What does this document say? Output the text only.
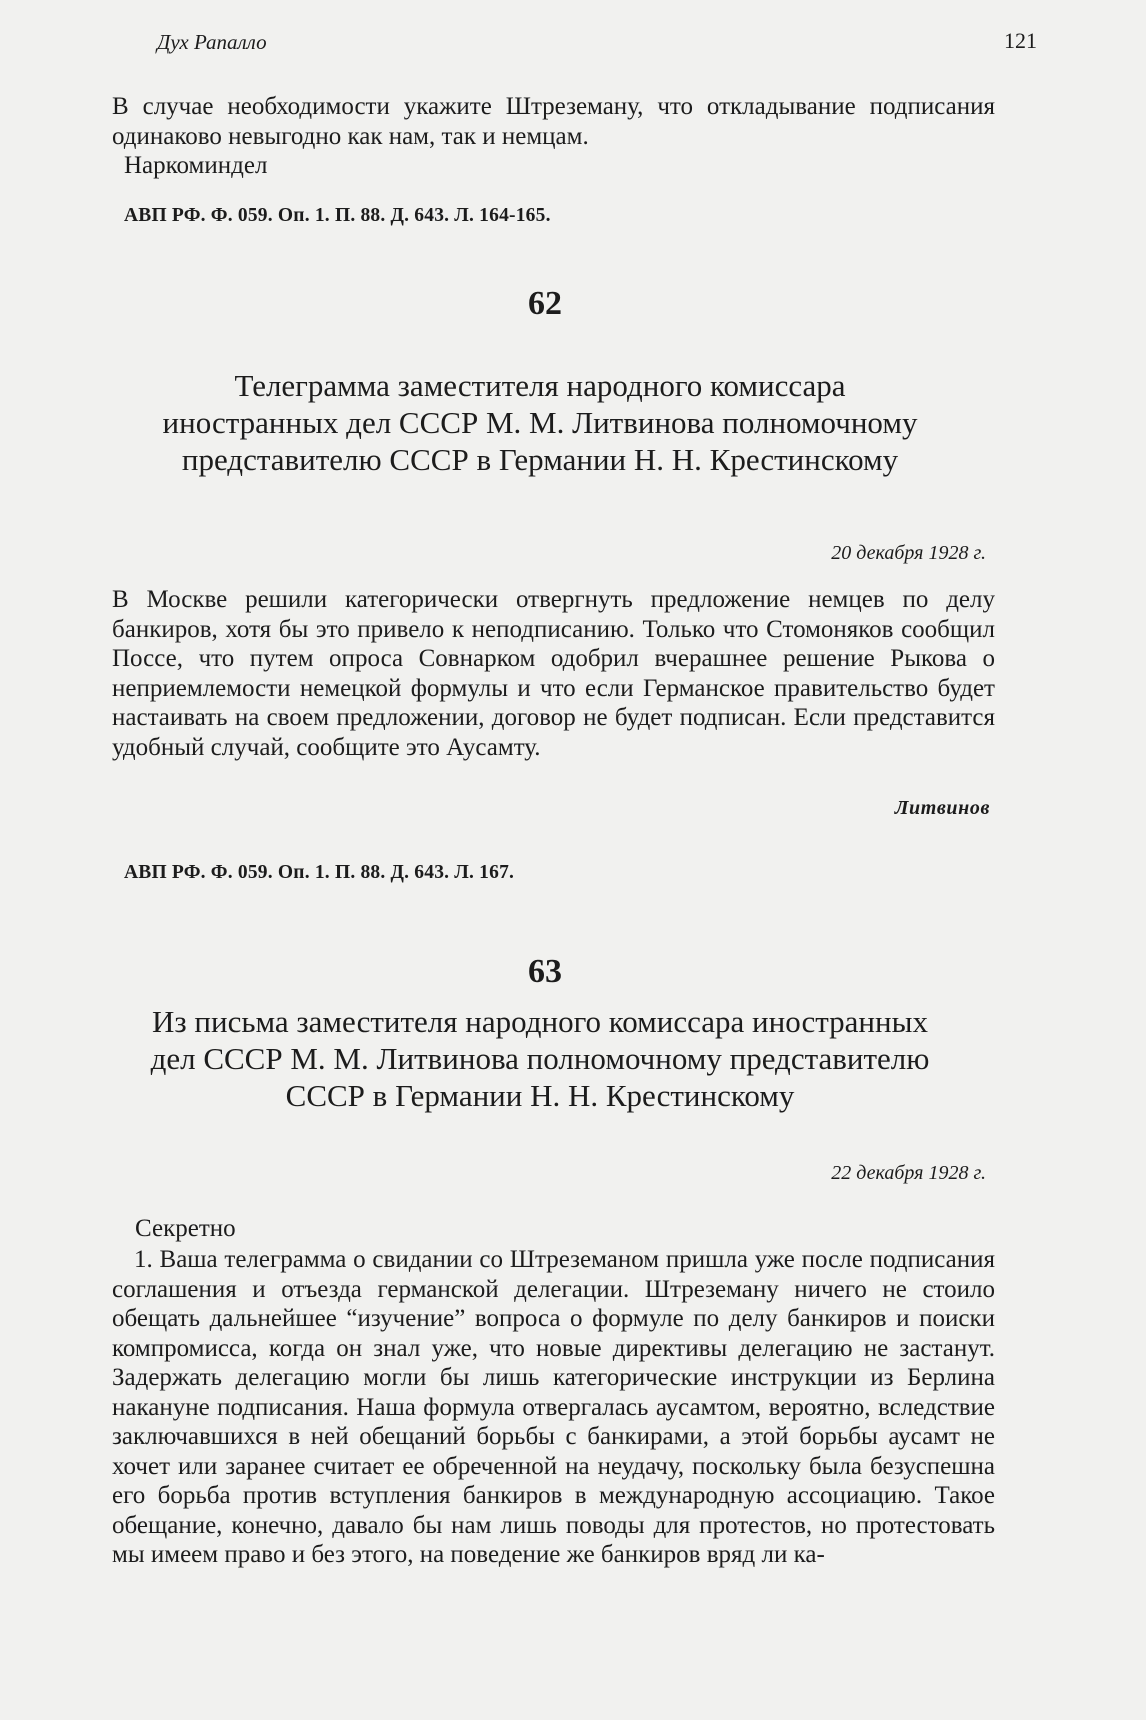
Дух Рапалло	121

В случае необходимости укажите Штреземану, что откладывание подписания одинаково невыгодно как нам, так и немцам.

Наркоминдел
АВП РФ. Ф. 059. Оп. 1. П. 88. Д. 643. Л. 164-165.
62
Телеграмма заместителя народного комиссара иностранных дел СССР М. М. Литвинова полномочному представителю СССР в Германии Н. Н. Крестинскому
20 декабря 1928 г.

В Москве решили категорически отвергнуть предложение немцев по делу банкиров, хотя бы это привело к неподписанию. Только что Стомоняков сообщил Поссе, что путем опроса Совнарком одобрил вчерашнее решение Рыкова о неприемлемости немецкой формулы и что если Германское правительство будет настаивать на своем предложении, договор не будет подписан. Если представится удобный случай, сообщите это Аусамту.

Литвинов
АВП РФ. Ф. 059. Оп. 1. П. 88. Д. 643. Л. 167.
63
Из письма заместителя народного комиссара иностранных дел СССР М. М. Литвинова полномочному представителю СССР в Германии Н. Н. Крестинскому
22 декабря 1928 г.
Секретно

1. Ваша телеграмма о свидании со Штреземаном пришла уже после подписания соглашения и отъезда германской делегации. Штреземану ничего не стоило обещать дальнейшее “изучение” вопроса о формуле по делу банкиров и поиски компромисса, когда он знал уже, что новые директивы делегацию не застанут. Задержать делегацию могли бы лишь категорические инструкции из Берлина накануне подписания. Наша формула отвергалась аусамтом, вероятно, вследствие заключавшихся в ней обещаний борьбы с банкирами, а этой борьбы аусамт не хочет или заранее считает ее обреченной на неудачу, поскольку была безуспешна его борьба против вступления банкиров в международную ассоциацию. Такое обещание, конечно, давало бы нам лишь поводы для протестов, но протестовать мы имеем право и без этого, на поведение же банкиров вряд ли ка-
